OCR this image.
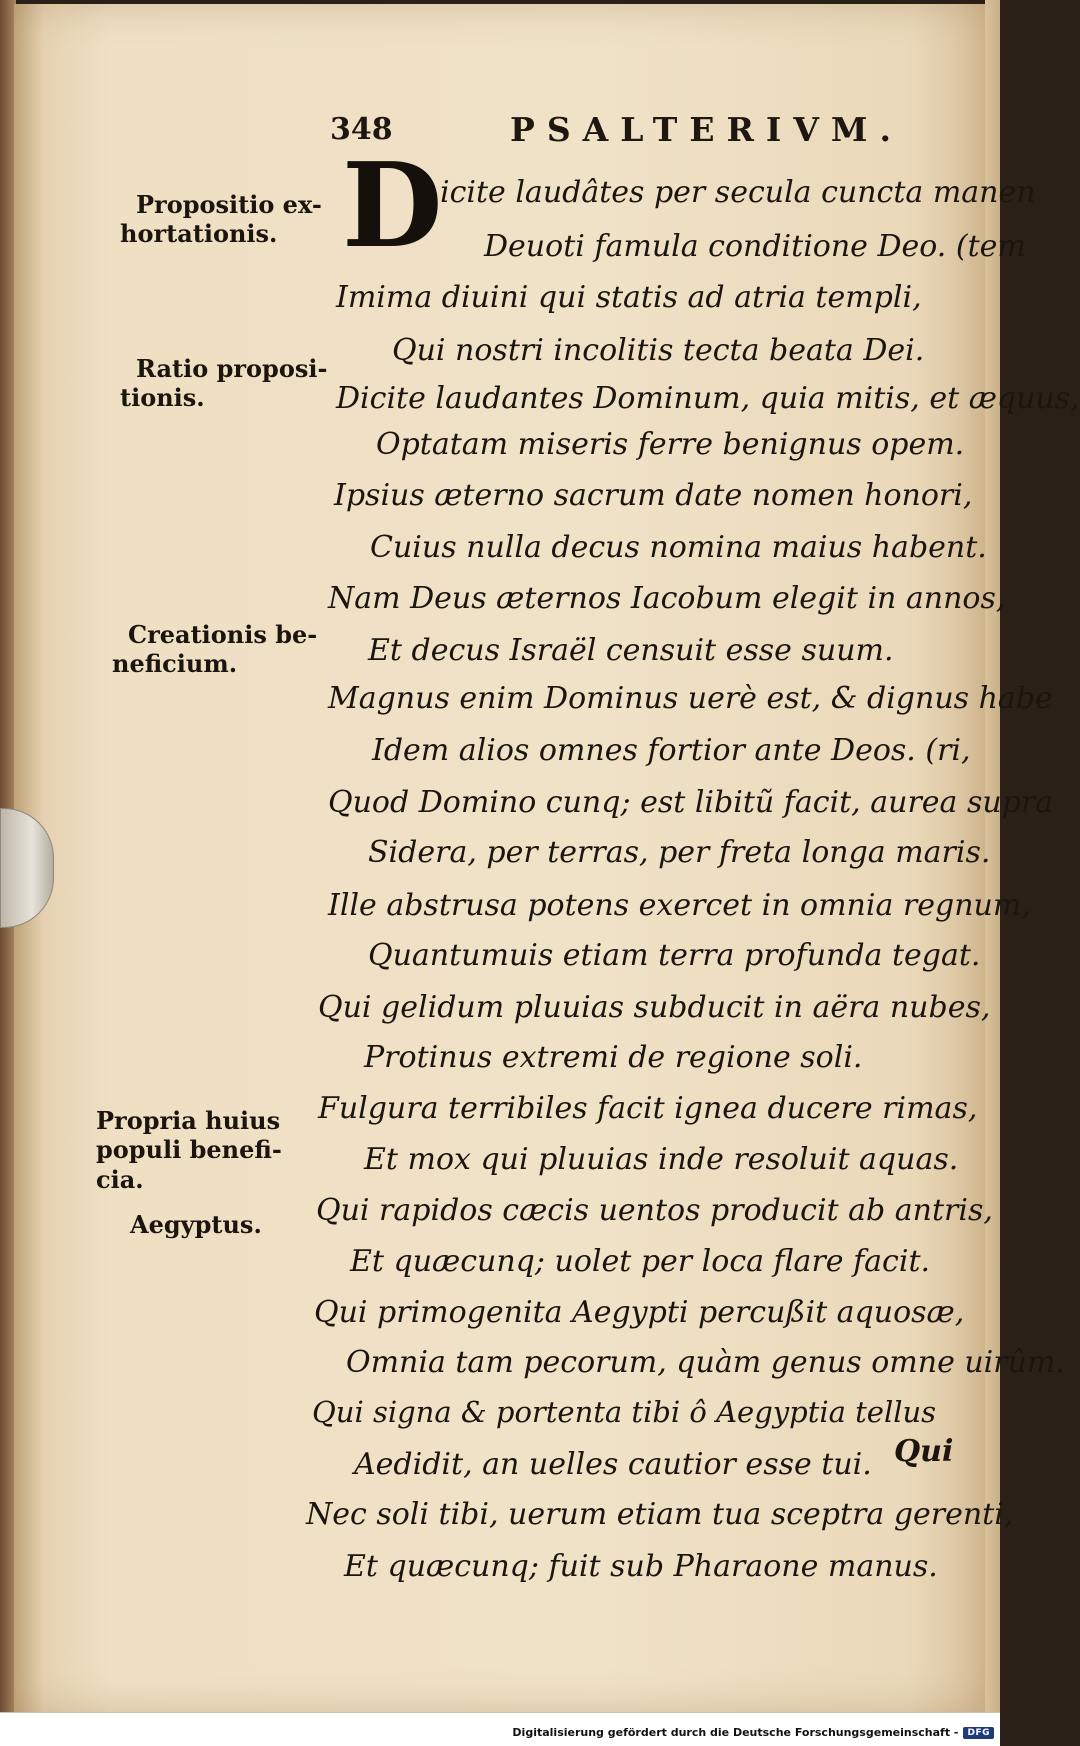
348	PSALTERIVM.
D
icite laudâtes per secula cuncta manen
Deuoti famula conditione Deo. (tem
Imima diuini qui statis ad atria templi,
Qui nostri incolitis tecta beata Dei.
Dicite laudantes Dominum, quia mitis, et æquus,
Optatam miseris ferre benignus opem.
Ipsius æterno sacrum date nomen honori,
Cuius nulla decus nomina maius habent.
Nam Deus æternos Iacobum elegit in annos,
Et decus Israël censuit esse suum.
Magnus enim Dominus uerè est, & dignus habe
Idem alios omnes fortior ante Deos. (ri,
Quod Domino cunq; est libitũ facit, aurea supra
Sidera, per terras, per freta longa maris.
Ille abstrusa potens exercet in omnia regnum,
Quantumuis etiam terra profunda tegat.
Qui gelidum pluuias subducit in aëra nubes,
Protinus extremi de regione soli.
Fulgura terribiles facit ignea ducere rimas,
Et mox qui pluuias inde resoluit aquas.
Qui rapidos cæcis uentos producit ab antris,
Et quæcunq; uolet per loca flare facit.
Qui primogenita Aegypti percußit aquosæ,
Omnia tam pecorum, quàm genus omne uirûm.
Qui signa & portenta tibi ô Aegyptia tellus
Aedidit, an uelles cautior esse tui.
Nec soli tibi, uerum etiam tua sceptra gerenti,
Et quæcunq; fuit sub Pharaone manus.

Propositio ex- hortationis.

Ratio proposi- tionis.

Creationis be- neficium.

Propria huius populi benefi- cia.

Aegyptus.

Qui
Digitalisierung gefördert durch die Deutsche Forschungsgemeinschaft -	DFG
